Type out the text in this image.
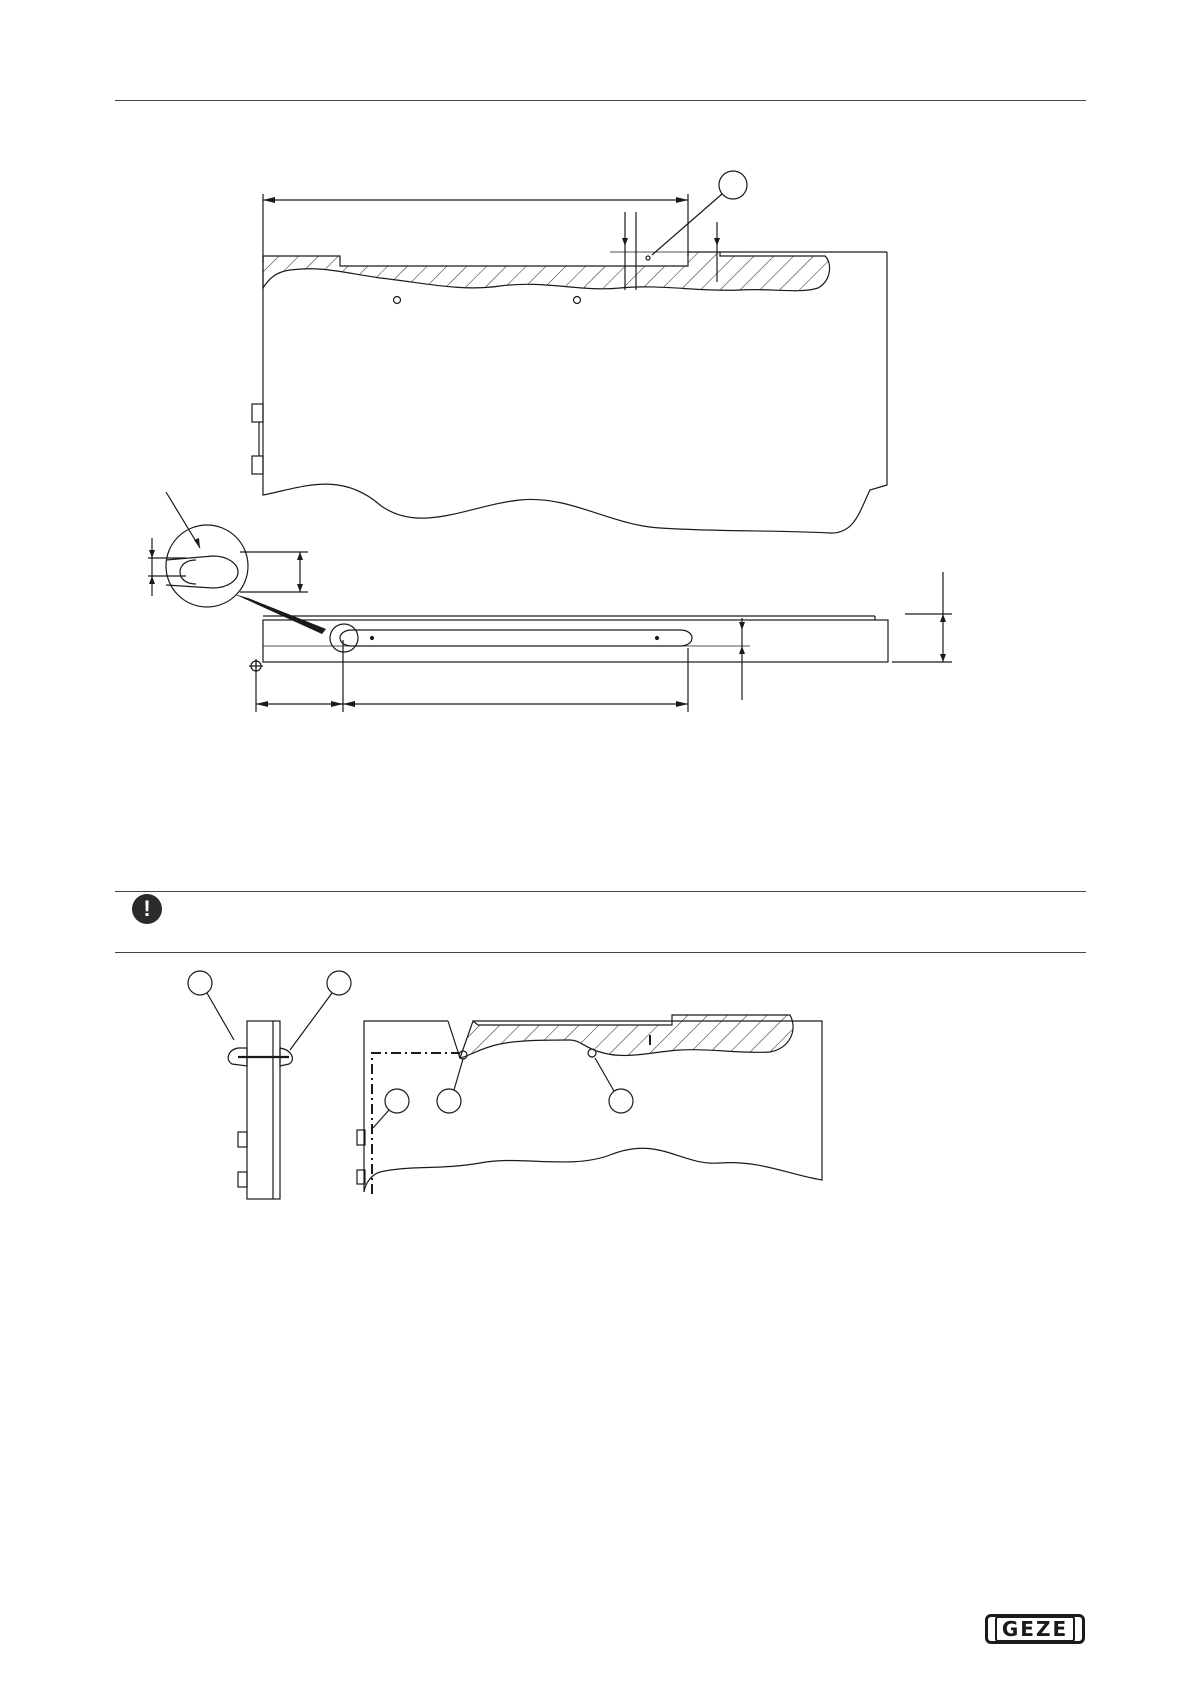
!
GEZE
